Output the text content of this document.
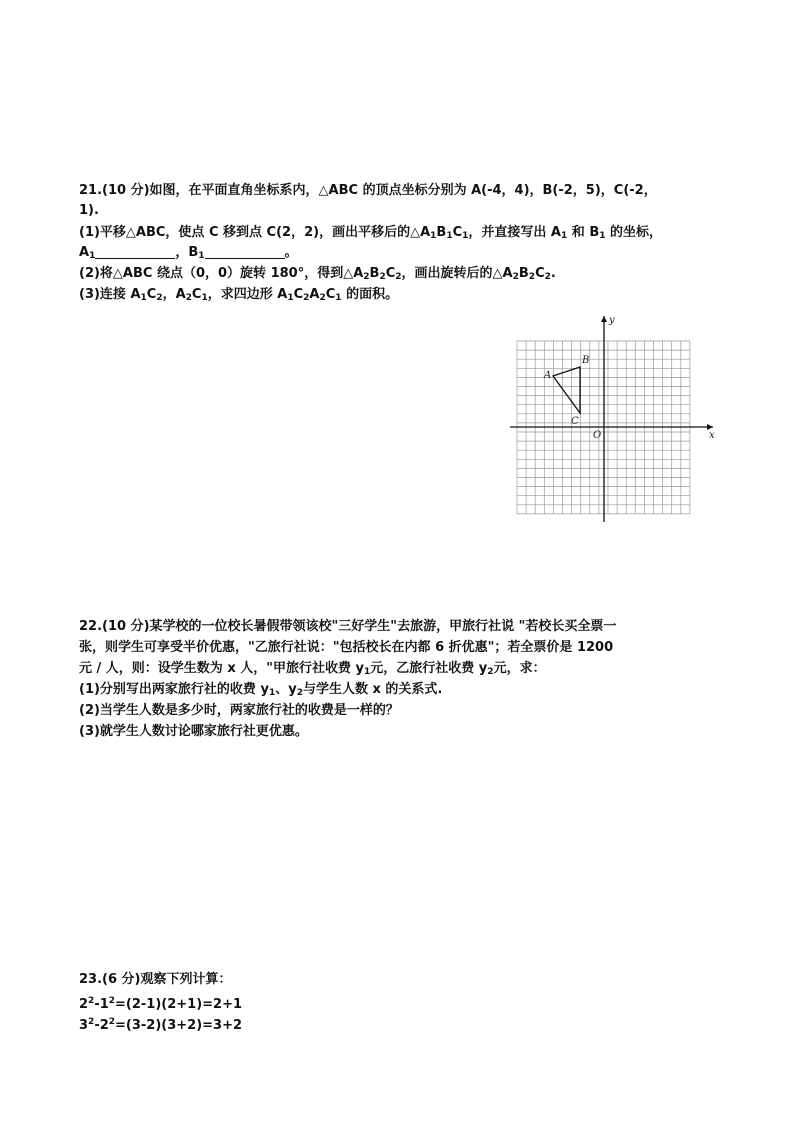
21.(10 分)如图，在平面直角坐标系内，△ABC 的顶点坐标分别为 A(-4，4)，B(-2，5)，C(-2，
1).
(1)平移△ABC，使点 C 移到点 C(2，2)，画出平移后的$\triangle A_1B_1C_1$，并直接写出 $A_1$ 和 $B_1$ 的坐标，
$A_1$	，$B_1$	。
(2)将△ABC 绕点（0，0）旋转 180°，得到$\triangle A_2B_2C_2$，画出旋转后的$\triangle A_2B_2C_2$.
(3)连接 $A_1C_2$，$A_2C_1$，求四边形 $A_1C_2A_2C_1$ 的面积。
x
y
O
A
B
C
22.(10 分)某学校的一位校长暑假带领该校"三好学生"去旅游，甲旅行社说 "若校长买全票一
张，则学生可享受半价优惠，"乙旅行社说："包括校长在内都 6 折优惠"；若全票价是 1200
元 / 人，则：设学生数为 x 人，"甲旅行社收费 $y_1$元，乙旅行社收费 $y_2$元，求：
(1)分别写出两家旅行社的收费 $y_1$、$y_2$与学生人数 x 的关系式.
(2)当学生人数是多少时，两家旅行社的收费是一样的？
(3)就学生人数讨论哪家旅行社更优惠。
23.(6 分)观察下列计算：
$2^2-1^2=(2-1)(2+1)=2+1$
$3^2-2^2=(3-2)(3+2)=3+2$
